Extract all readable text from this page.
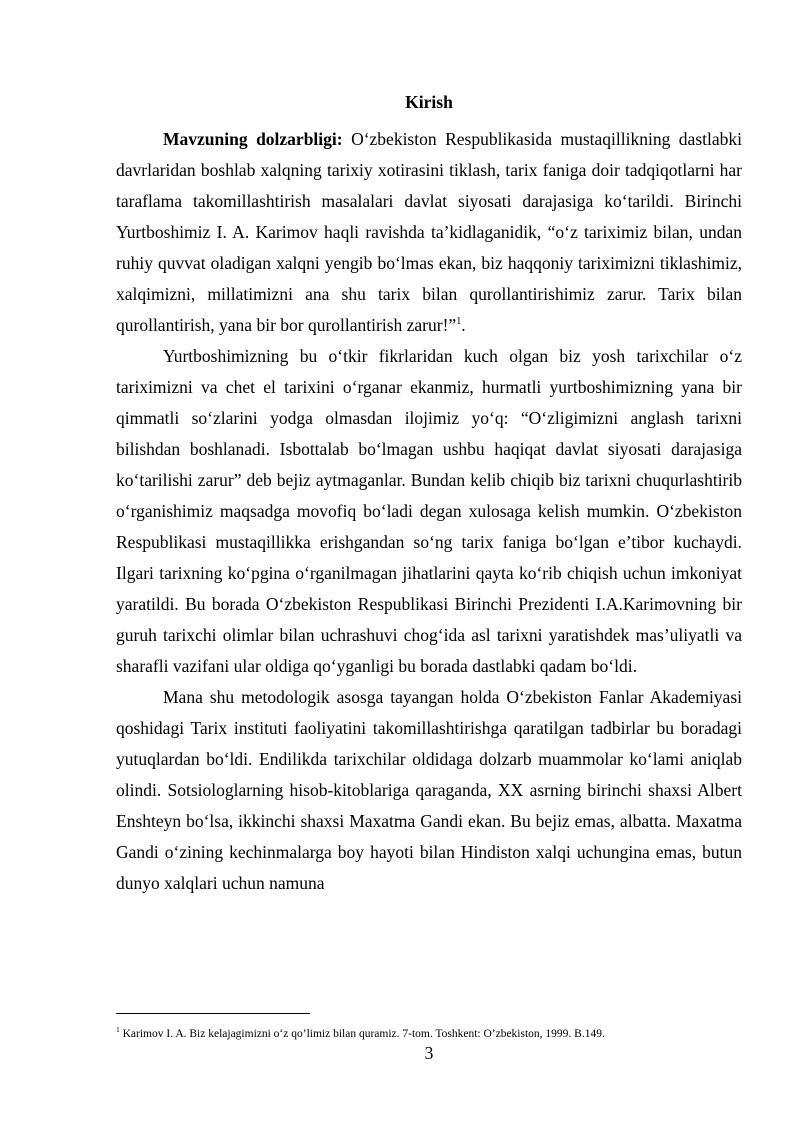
Kirish

Mavzuning dolzarbligi: O‘zbekiston Respublikasida mustaqillikning dastlabki davrlaridan boshlab xalqning tarixiy xotirasini tiklash, tarix faniga doir tadqiqotlarni har taraflama takomillashtirish masalalari davlat siyosati darajasiga ko‘tarildi. Birinchi Yurtboshimiz I. A. Karimov haqli ravishda ta’kidlaganidik, “o‘z tariximiz bilan, undan ruhiy quvvat oladigan xalqni yengib bo‘lmas ekan, biz haqqoniy tariximizni tiklashimiz, xalqimizni, millatimizni ana shu tarix bilan qurollantirishimiz zarur. Tarix bilan qurollantirish, yana bir bor qurollantirish zarur!”$^1$.

Yurtboshimizning bu o‘tkir fikrlaridan kuch olgan biz yosh tarixchilar o‘z tariximizni va chet el tarixini o‘rganar ekanmiz, hurmatli yurtboshimizning yana bir qimmatli so‘zlarini yodga olmasdan ilojimiz yo‘q: “O‘zligimizni anglash tarixni bilishdan boshlanadi. Isbottalab bo‘lmagan ushbu haqiqat davlat siyosati darajasiga ko‘tarilishi zarur” deb bejiz aytmaganlar. Bundan kelib chiqib biz tarixni chuqurlashtirib o‘rganishimiz maqsadga movofiq bo‘ladi degan xulosaga kelish mumkin. O‘zbekiston Respublikasi mustaqillikka erishgandan so‘ng tarix faniga bo‘lgan e’tibor kuchaydi. Ilgari tarixning ko‘pgina o‘rganilmagan jihatlarini qayta ko‘rib chiqish uchun imkoniyat yaratildi. Bu borada O‘zbekiston Respublikasi Birinchi Prezidenti I.A.Karimovning bir guruh tarixchi olimlar bilan uchrashuvi chog‘ida asl tarixni yaratishdek mas’uliyatli va sharafli vazifani ular oldiga qo‘yganligi bu borada dastlabki qadam bo‘ldi.

Mana shu metodologik asosga tayangan holda O‘zbekiston Fanlar Akademiyasi qoshidagi Tarix instituti faoliyatini takomillashtirishga qaratilgan tadbirlar bu boradagi yutuqlardan bo‘ldi. Endilikda tarixchilar oldidaga dolzarb muammolar ko‘lami aniqlab olindi. Sotsiologlarning hisob-kitoblariga qaraganda, XX asrning birinchi shaxsi Albert Enshteyn bo‘lsa, ikkinchi shaxsi Maxatma Gandi ekan. Bu bejiz emas, albatta. Maxatma Gandi o‘zining kechinmalarga boy hayoti bilan Hindiston xalqi uchungina emas, butun dunyo xalqlari uchun namuna

$^1$ Karimov I. A. Biz kelajagimizni o‘z qo’limiz bilan quramiz. 7-tom. Toshkent: O’zbekiston, 1999. B.149.
3
